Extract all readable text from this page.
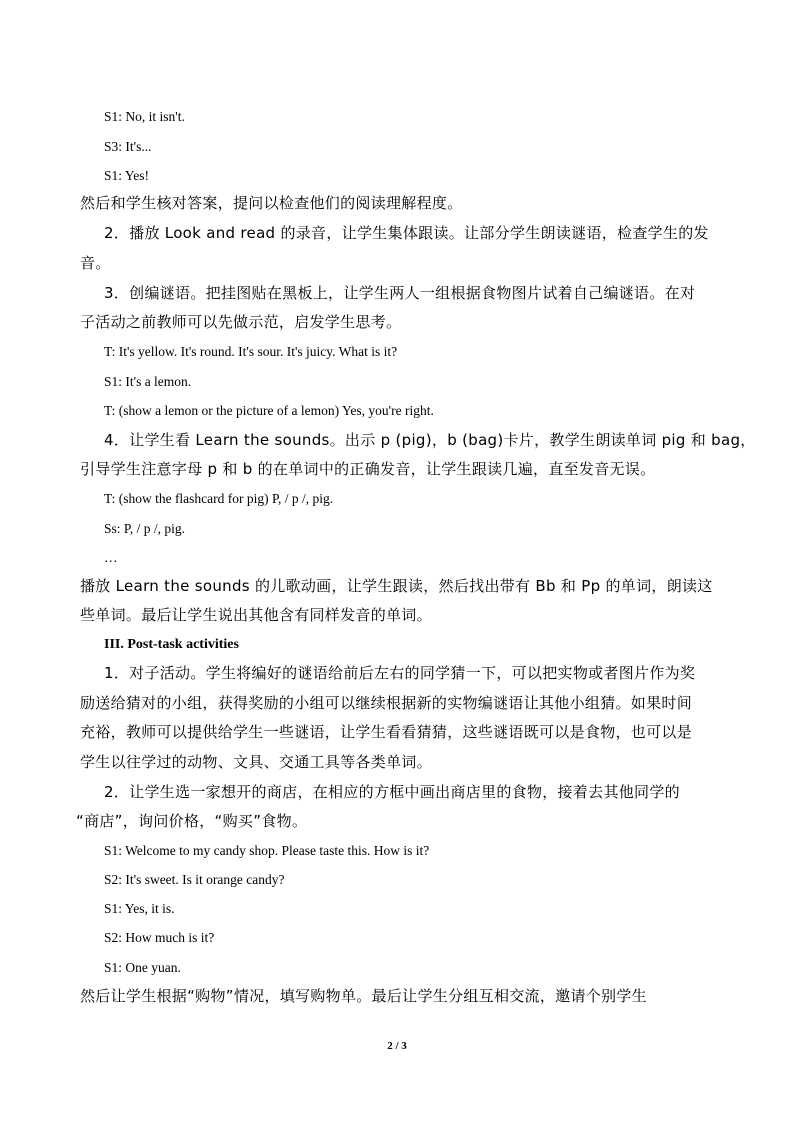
S1: No, it isn't.
S3: It's...
S1: Yes!
然后和学生核对答案，提问以检查他们的阅读理解程度。
2．播放 Look and read 的录音，让学生集体跟读。让部分学生朗读谜语，检查学生的发
音。
3．创编谜语。把挂图贴在黑板上，让学生两人一组根据食物图片试着自己编谜语。在对
子活动之前教师可以先做示范，启发学生思考。
T: It's yellow. It's round. It's sour. It's juicy. What is it?
S1: It's a lemon.
T: (show a lemon or the picture of a lemon) Yes, you're right.
4．让学生看 Learn the sounds。出示 p (pig)，b (bag)卡片，教学生朗读单词 pig 和 bag，
引导学生注意字母 p 和 b 的在单词中的正确发音，让学生跟读几遍，直至发音无误。
T: (show the flashcard for pig) P, / p /, pig.
Ss: P, / p /, pig.
…
播放 Learn the sounds 的儿歌动画，让学生跟读，然后找出带有 Bb 和 Pp 的单词，朗读这
些单词。最后让学生说出其他含有同样发音的单词。
III. Post-task activities
1．对子活动。学生将编好的谜语给前后左右的同学猜一下，可以把实物或者图片作为奖
励送给猜对的小组，获得奖励的小组可以继续根据新的实物编谜语让其他小组猜。如果时间
充裕，教师可以提供给学生一些谜语，让学生看看猜猜，这些谜语既可以是食物，也可以是
学生以往学过的动物、文具、交通工具等各类单词。
2．让学生选一家想开的商店，在相应的方框中画出商店里的食物，接着去其他同学的
“商店”，询问价格，“购买”食物。
S1: Welcome to my candy shop. Please taste this. How is it?
S2: It's sweet. Is it orange candy?
S1: Yes, it is.
S2: How much is it?
S1: One yuan.
然后让学生根据“购物”情况，填写购物单。最后让学生分组互相交流，邀请个别学生
2 / 3
